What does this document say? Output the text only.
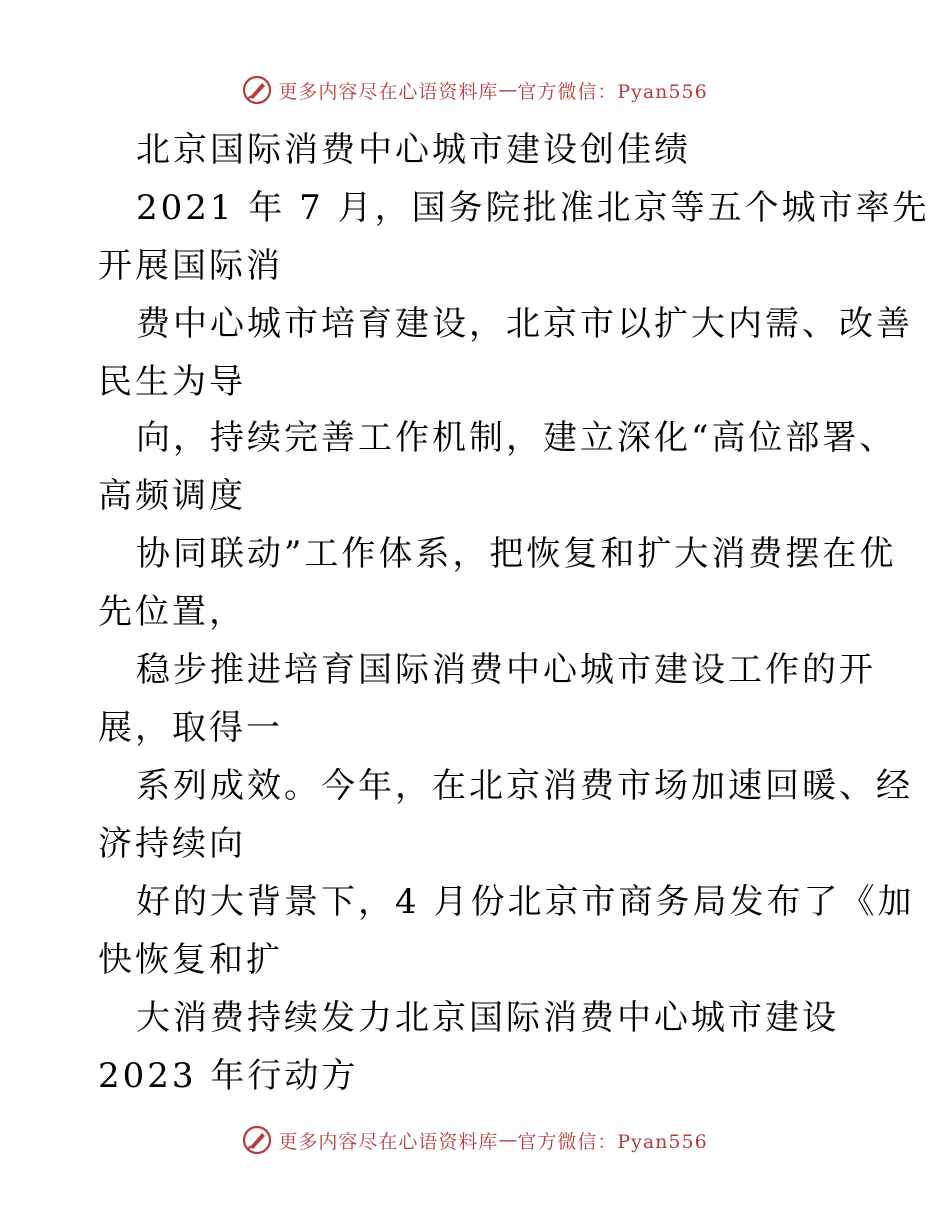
更多内容尽在心语资料库 — 官方微信：Pyan556
北京国际消费中心城市建设创佳绩
2021 年 7 月，国务院批准北京等五个城市率先
开展国际消
费中心城市培育建设，北京市以扩大内需、改善
民生为导
向，持续完善工作机制，建立深化“高位部署、
高频调度
协同联动”工作体系，把恢复和扩大消费摆在优
先位置，
稳步推进培育国际消费中心城市建设工作的开
展，取得一
系列成效。今年，在北京消费市场加速回暖、经
济持续向
好的大背景下，4 月份北京市商务局发布了《加
快恢复和扩
大消费持续发力北京国际消费中心城市建设
2023 年行动方
更多内容尽在心语资料库 — 官方微信：Pyan556
